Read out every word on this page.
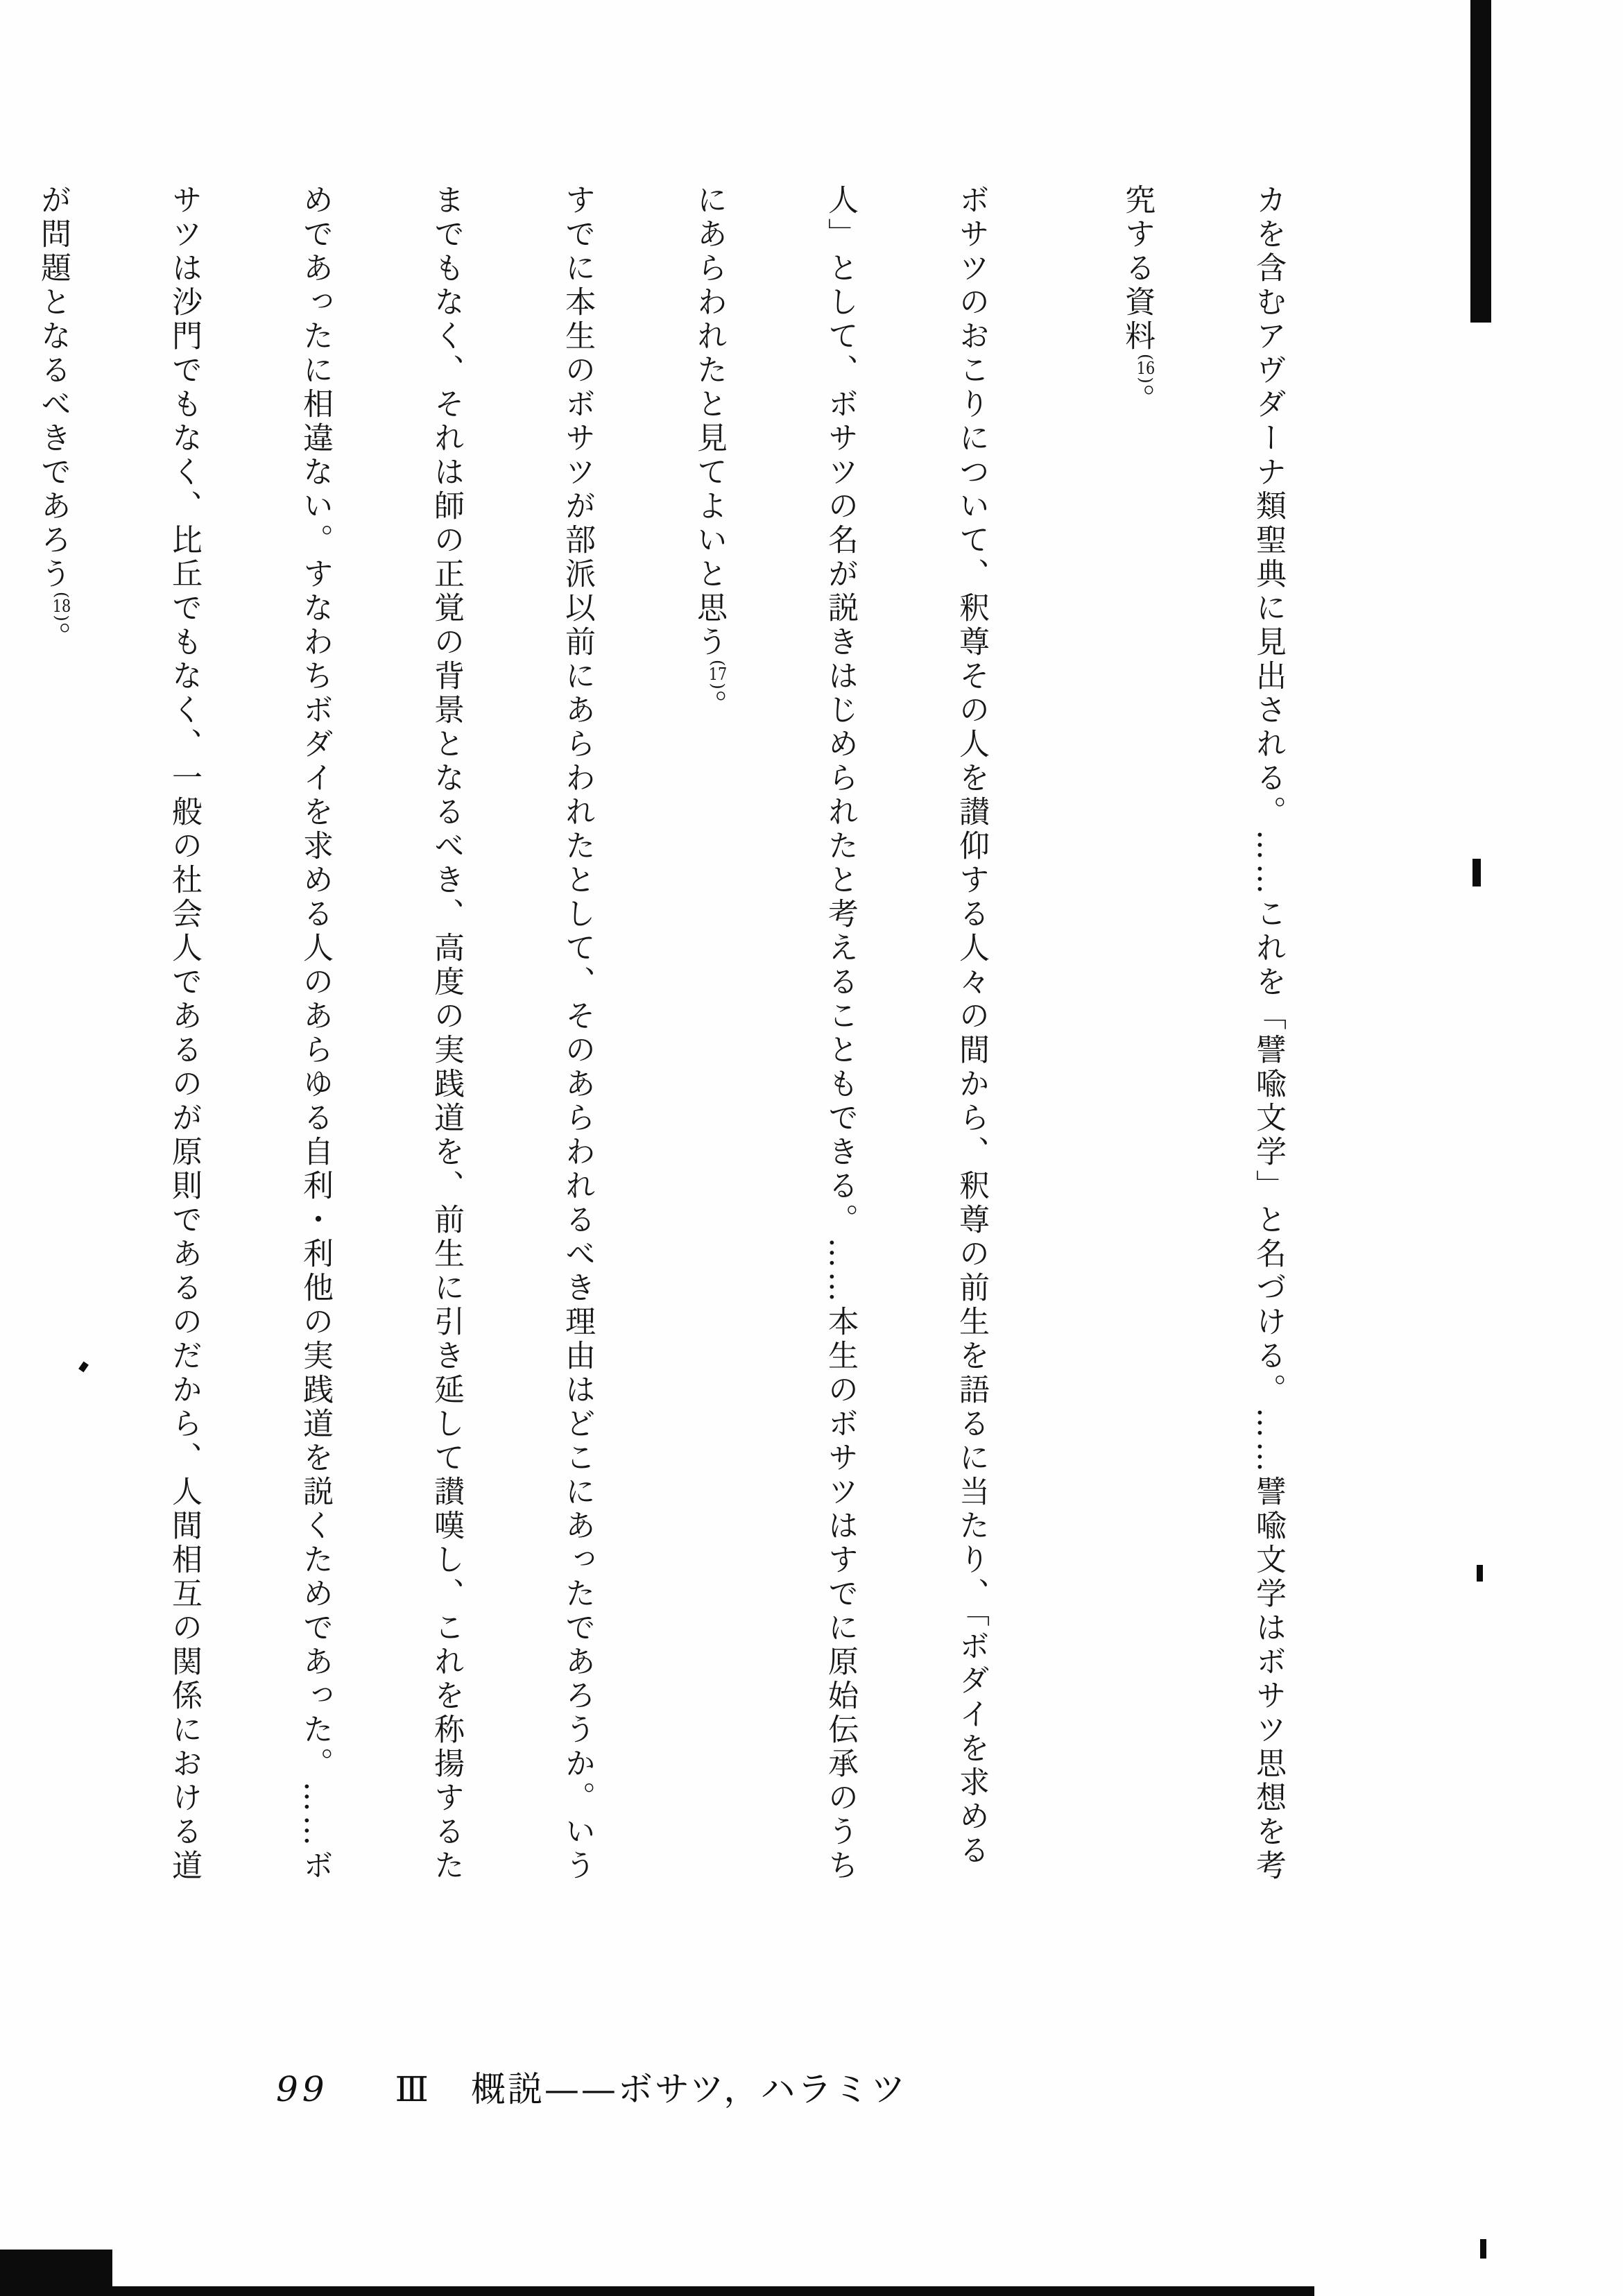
カを含むアヴダーナ類聖典に見出される。……これを「譬喩文学」と名づける。……譬喩文学はボサツ思想を考
究する資料(16)。
ボサツのおこりについて、釈尊その人を讃仰する人々の間から、釈尊の前生を語るに当たり、「ボダイを求める
人」として、ボサツの名が説きはじめられたと考えることもできる。……本生のボサツはすでに原始伝承のうち
にあらわれたと見てよいと思う(17)。
すでに本生のボサツが部派以前にあらわれたとして、そのあらわれるべき理由はどこにあったであろうか。いう
までもなく、それは師の正覚の背景となるべき、高度の実践道を、前生に引き延して讃嘆し、これを称揚するた
めであったに相違ない。すなわちボダイを求める人のあらゆる自利・利他の実践道を説くためであった。……ボ
サツは沙門でもなく、比丘でもなく、一般の社会人であるのが原則であるのだから、人間相互の関係における道
が問題となるべきであろう(18)。
99 Ⅲ 概説——ボサツ，ハラミツ
